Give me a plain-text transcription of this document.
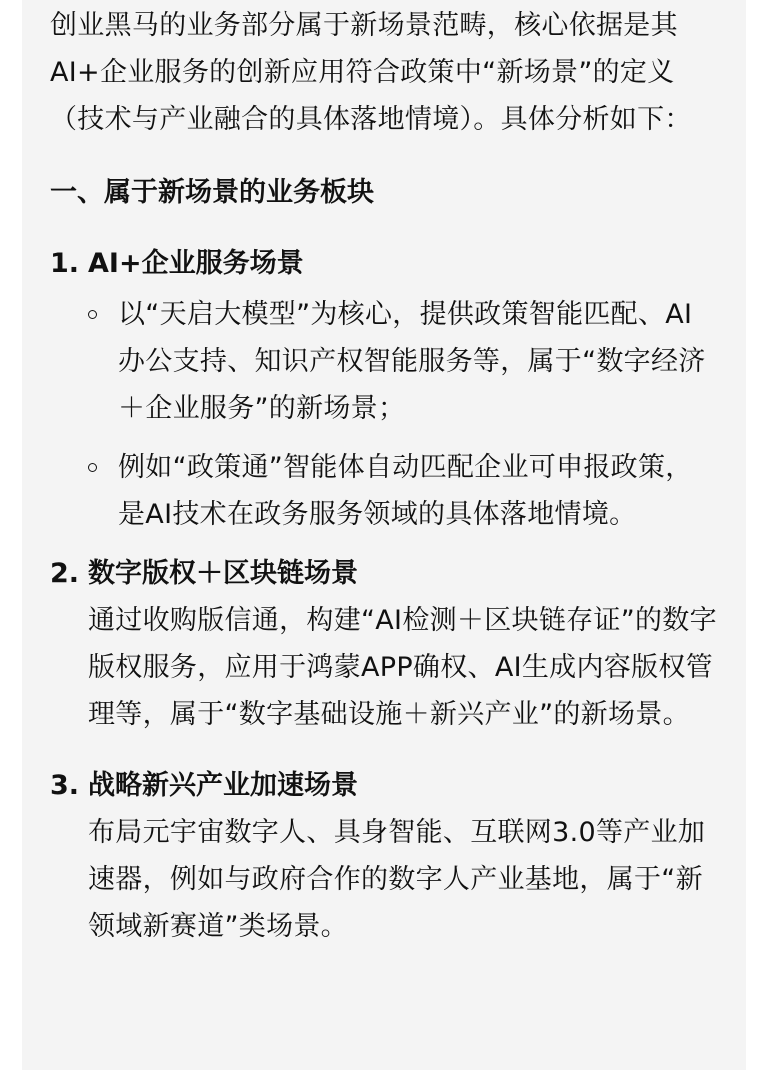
创业黑马的业务部分属于新场景范畴，核心依据是其AI+企业服务的创新应用符合政策中“新场景”的定义（技术与产业融合的具体落地情境）。具体分析如下：

一、属于新场景的业务板块
1. AI+企业服务场景
以“天启大模型”为核心，提供政策智能匹配、AI办公支持、知识产权智能服务等，属于“数字经济＋企业服务”的新场景；
例如“政策通”智能体自动匹配企业可申报政策，是AI技术在政务服务领域的具体落地情境。
2. 数字版权＋区块链场景
通过收购版信通，构建“AI检测＋区块链存证”的数字版权服务，应用于鸿蒙APP确权、AI生成内容版权管理等，属于“数字基础设施＋新兴产业”的新场景。
3. 战略新兴产业加速场景
布局元宇宙数字人、具身智能、互联网3.0等产业加速器，例如与政府合作的数字人产业基地，属于“新领域新赛道”类场景。
